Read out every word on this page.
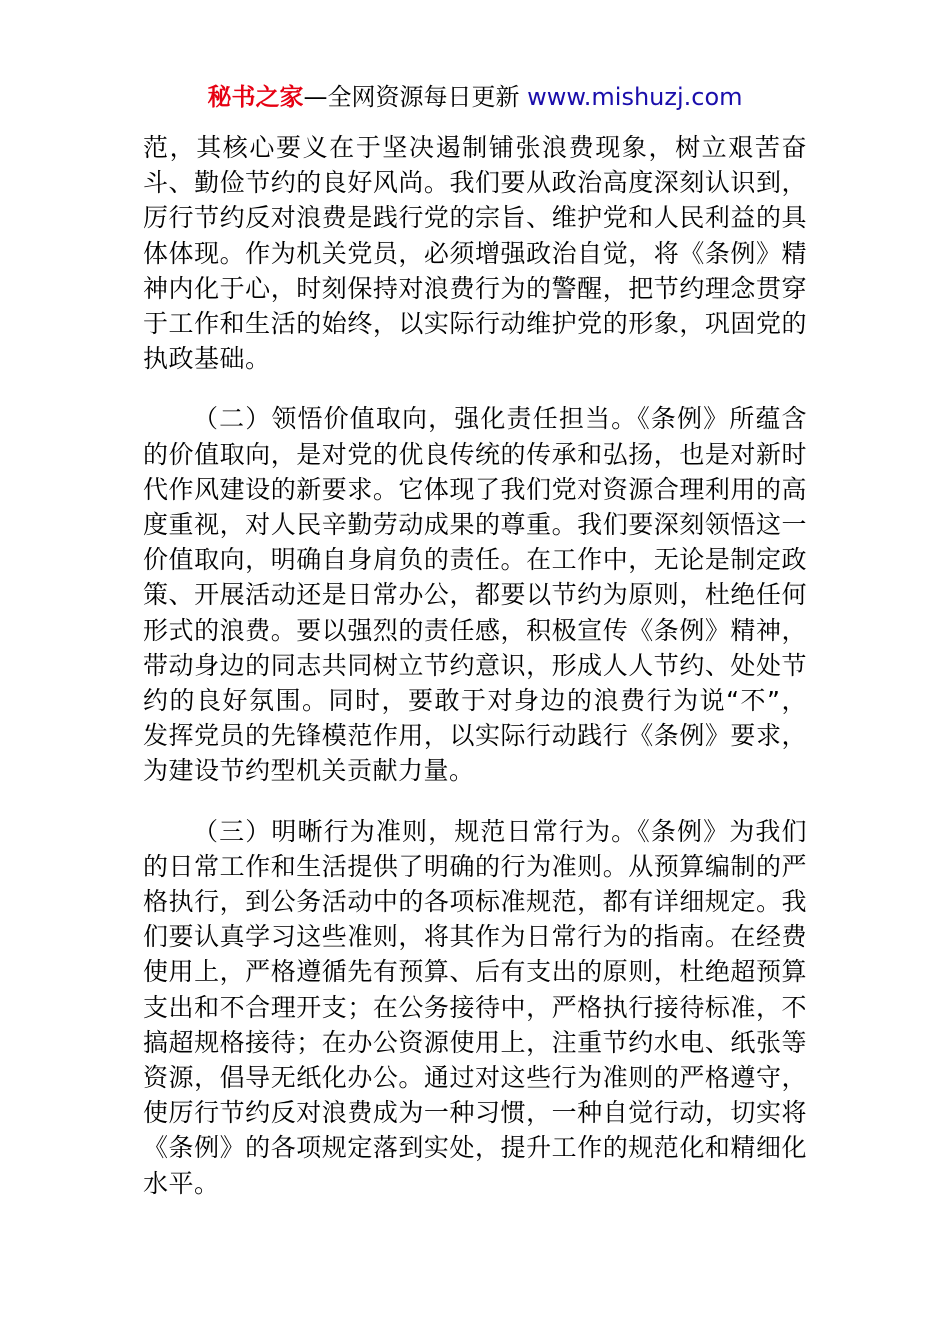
秘书之家—全网资源每日更新 www.mishuzj.com

范，其核心要义在于坚决遏制铺张浪费现象，树立艰苦奋斗、勤俭节约的良好风尚。我们要从政治高度深刻认识到，厉行节约反对浪费是践行党的宗旨、维护党和人民利益的具体体现。作为机关党员，必须增强政治自觉，将《条例》精神内化于心，时刻保持对浪费行为的警醒，把节约理念贯穿于工作和生活的始终，以实际行动维护党的形象，巩固党的执政基础。

（二）领悟价值取向，强化责任担当。《条例》所蕴含的价值取向，是对党的优良传统的传承和弘扬，也是对新时代作风建设的新要求。它体现了我们党对资源合理利用的高度重视，对人民辛勤劳动成果的尊重。我们要深刻领悟这一价值取向，明确自身肩负的责任。在工作中，无论是制定政策、开展活动还是日常办公，都要以节约为原则，杜绝任何形式的浪费。要以强烈的责任感，积极宣传《条例》精神，带动身边的同志共同树立节约意识，形成人人节约、处处节约的良好氛围。同时，要敢于对身边的浪费行为说“不”，发挥党员的先锋模范作用，以实际行动践行《条例》要求，为建设节约型机关贡献力量。

（三）明晰行为准则，规范日常行为。《条例》为我们的日常工作和生活提供了明确的行为准则。从预算编制的严格执行，到公务活动中的各项标准规范，都有详细规定。我们要认真学习这些准则，将其作为日常行为的指南。在经费使用上，严格遵循先有预算、后有支出的原则，杜绝超预算支出和不合理开支；在公务接待中，严格执行接待标准，不搞超规格接待；在办公资源使用上，注重节约水电、纸张等资源，倡导无纸化办公。通过对这些行为准则的严格遵守，使厉行节约反对浪费成为一种习惯，一种自觉行动，切实将《条例》的各项规定落到实处，提升工作的规范化和精细化水平。
